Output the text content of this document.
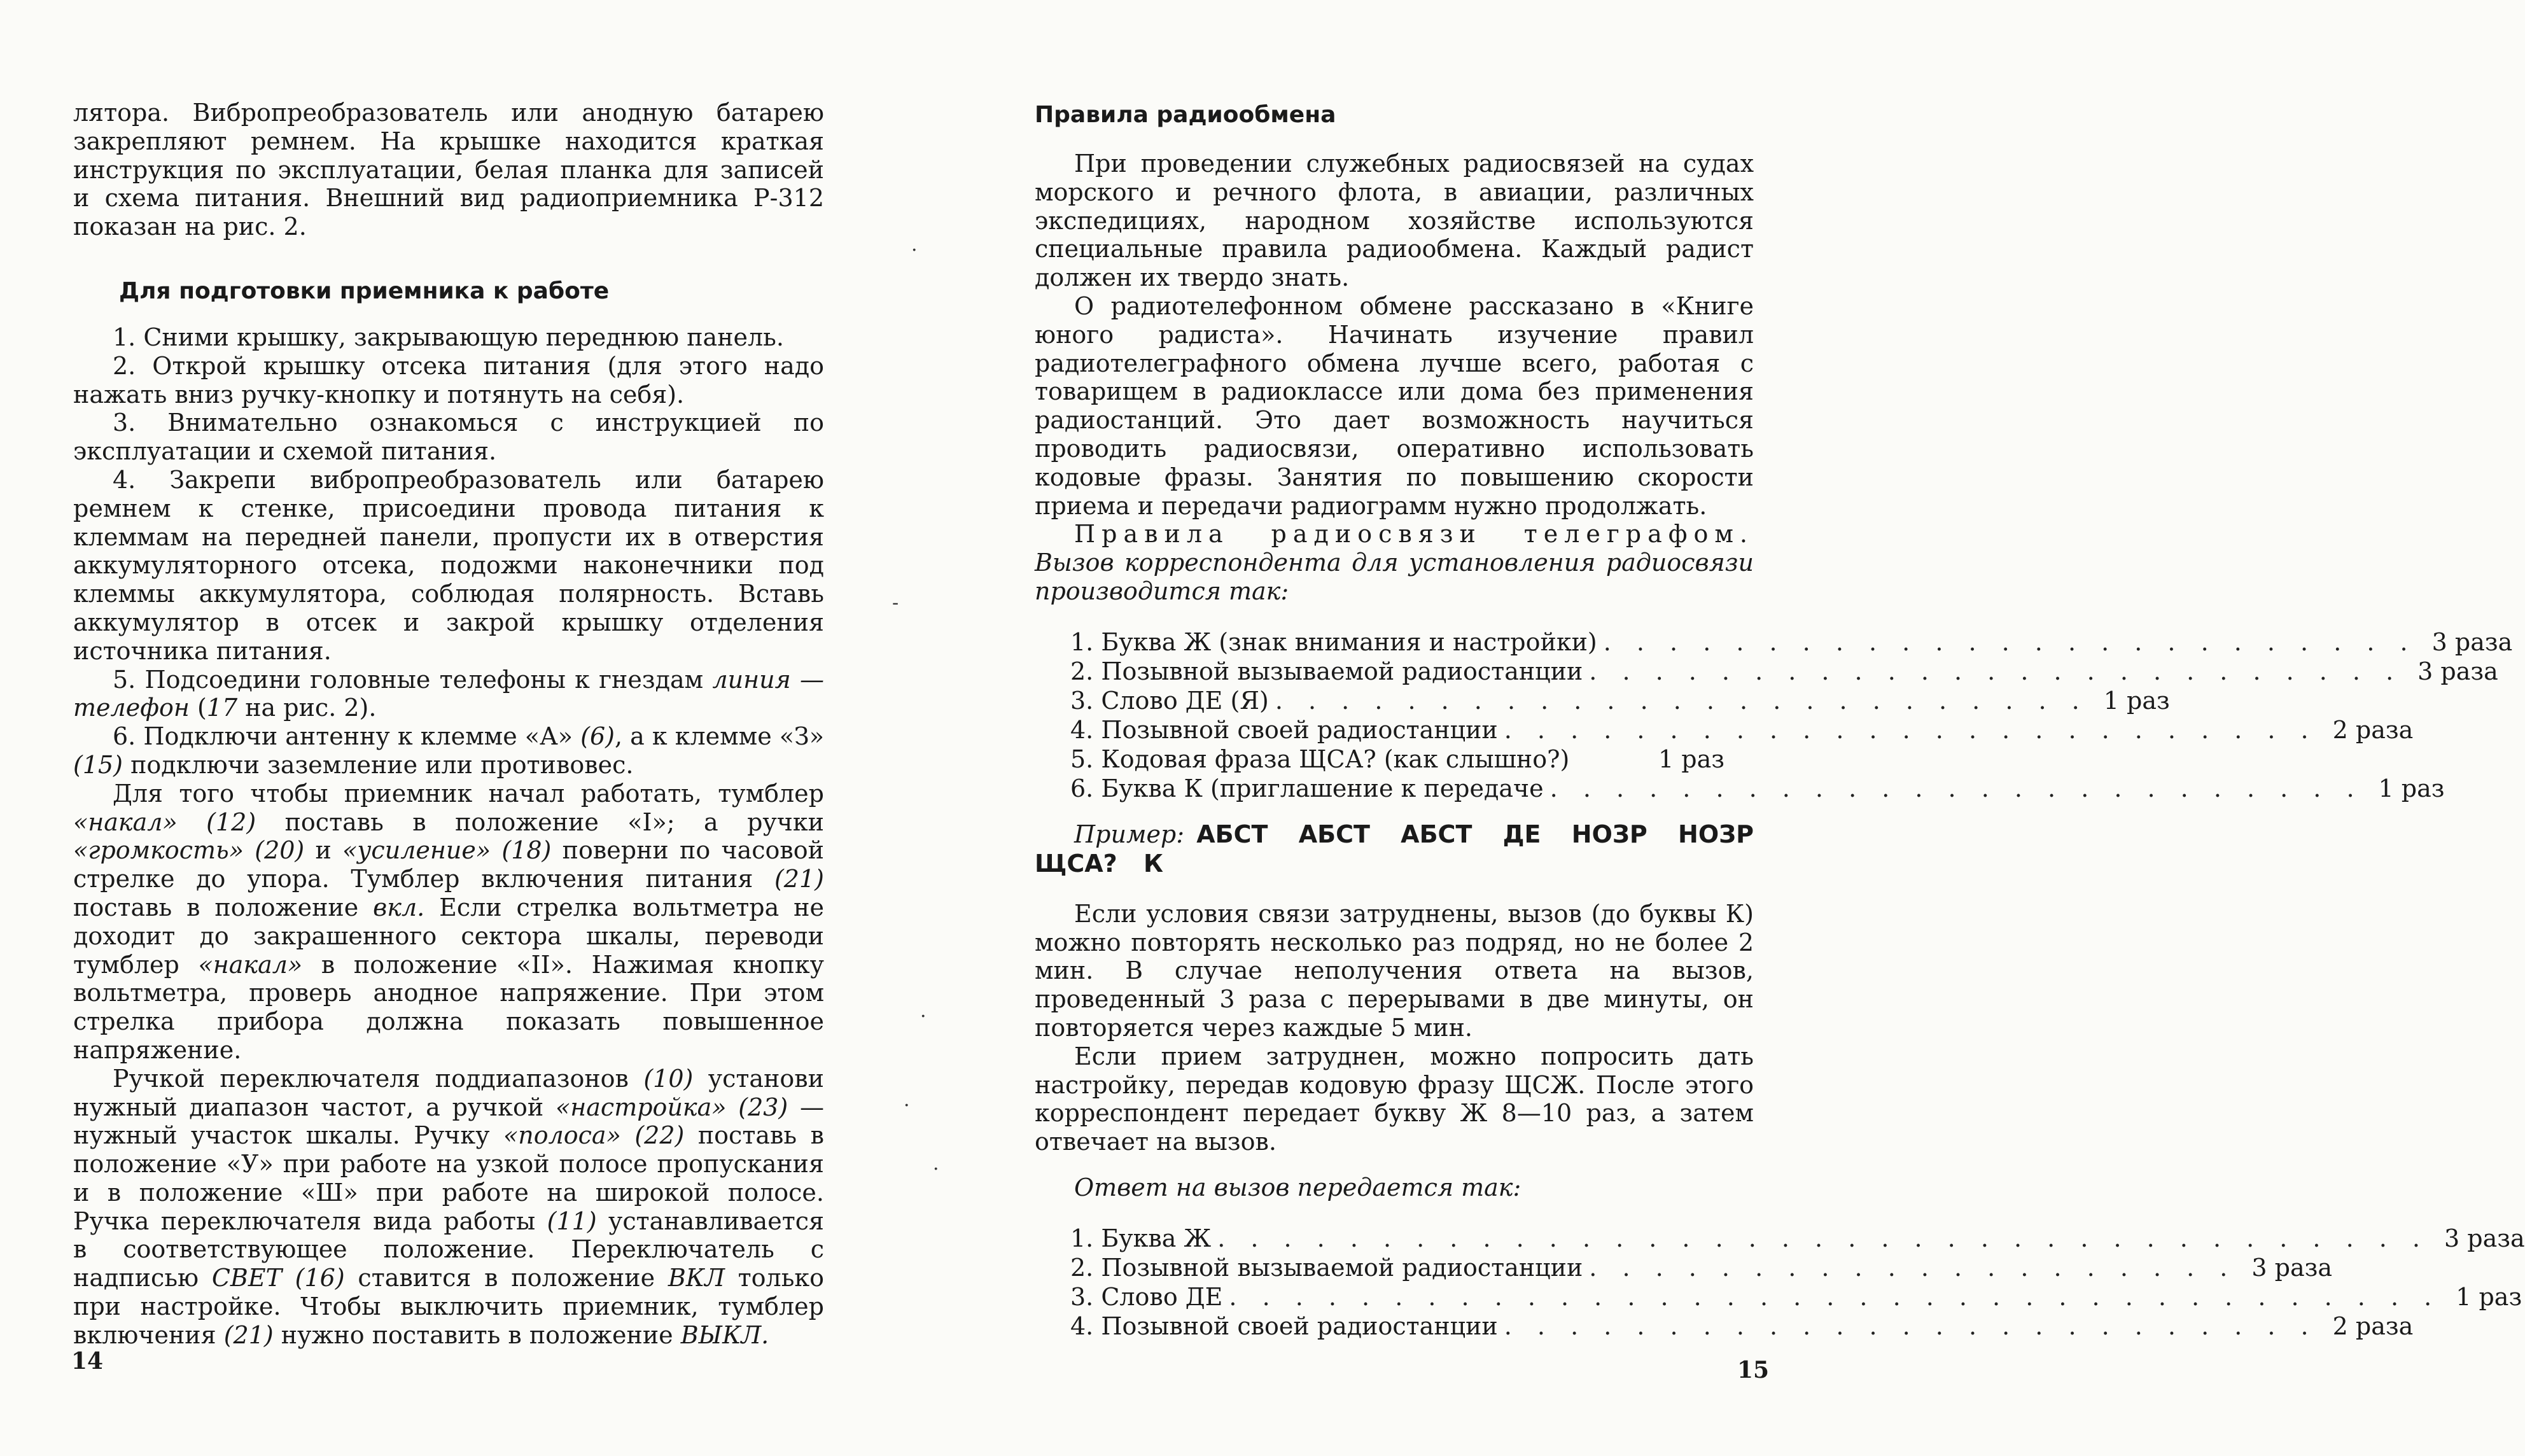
лятора. Вибропреобразователь или анодную батарею закрепляют ремнем. На крышке находится краткая инструкция по эксплуатации, белая планка для записей и схема питания. Внешний вид радиоприемника Р-312 показан на рис. 2.

Для подготовки приемника к работе

1. Сними крышку, закрывающую переднюю панель.

2. Открой крышку отсека питания (для этого надо нажать вниз ручку-кнопку и потянуть на себя).

3. Внимательно ознакомься с инструкцией по эксплуатации и схемой питания.

4. Закрепи вибропреобразователь или батарею ремнем к стенке, присоедини провода питания к клеммам на передней панели, пропусти их в отверстия аккумуляторного отсека, подожми наконечники под клеммы аккумулятора, соблюдая полярность. Вставь аккумулятор в отсек и закрой крышку отделения источника питания.

5. Подсоедини головные телефоны к гнездам линия — телефон (17 на рис. 2).

6. Подключи антенну к клемме «А» (6), а к клемме «З» (15) подключи заземление или противовес.

Для того чтобы приемник начал работать, тумблер «накал» (12) поставь в положение «I»; а ручки «громкость» (20) и «усиление» (18) поверни по часовой стрелке до упора. Тумблер включения питания (21) поставь в положение вкл. Если стрелка вольтметра не доходит до закрашенного сектора шкалы, переводи тумблер «накал» в положение «II». Нажимая кнопку вольтметра, проверь анодное напряжение. При этом стрелка прибора должна показать повышенное напряжение.

Ручкой переключателя поддиапазонов (10) установи нужный диапазон частот, а ручкой «настройка» (23) — нужный участок шкалы. Ручку «полоса» (22) поставь в положение «У» при работе на узкой полосе пропускания и в положение «Ш» при работе на широкой полосе. Ручка переключателя вида работы (11) устанавливается в соответствующее положение. Переключатель с надписью СВЕТ (16) ставится в положение ВКЛ только при настройке. Чтобы выключить приемник, тумблер включения (21) нужно поставить в положение ВЫКЛ.

14
·
-
·
Правила радиообмена

При проведении служебных радиосвязей на судах морского и речного флота, в авиации, различных экспедициях, народном хозяйстве используются специальные правила радиообмена. Каждый радист должен их твердо знать.

О радиотелефонном обмене рассказано в «Книге юного радиста». Начинать изучение правил радиотелеграфного обмена лучше всего, работая с товарищем в радиоклассе или дома без применения радиостанций. Это дает возможность научиться проводить радиосвязи, оперативно использовать кодовые фразы. Занятия по повышению скорости приема и передачи радиограмм нужно продолжать.

Правила радиосвязи телеграфом. Вызов корреспондента для установления радиосвязи производится так:

1. Буква Ж (знак внимания и настройки) . . . . . . . . . . . . . . . . . . . . . . . . . 3 раза
2. Позывной вызываемой радиостанции . . . . . . . . . . . . . . . . . . . . . . . . . 3 раза
3. Слово ДЕ (Я) . . . . . . . . . . . . . . . . . . . . . . . . . 1 раз
4. Позывной своей радиостанции . . . . . . . . . . . . . . . . . . . . . . . . . 2 раза
5. Кодовая фраза ЩСА? (как слышно?)	1 раз
6. Буква К (приглашение к передаче . . . . . . . . . . . . . . . . . . . . . . . . . 1 раз

Пример: АБСТ АБСТ АБСТ ДЕ НОЗР НОЗР ЩСА? К

Если условия связи затруднены, вызов (до буквы К) можно повторять несколько раз подряд, но не более 2 мин. В случае неполучения ответа на вызов, проведенный 3 раза с перерывами в две минуты, он повторяется через каждые 5 мин.

Если прием затруднен, можно попросить дать настройку, передав кодовую фразу ЩСЖ. После этого корреспондент передает букву Ж 8—10 раз, а затем отвечает на вызов.

Ответ на вызов передается так:

1. Буква Ж . . . . . . . . . . . . . . . . . . . . . . . . . . . . . . . . . . . . . 3 раза
2. Позывной вызываемой радиостанции . . . . . . . . . . . . . . . . . . . . 3 раза
3. Слово ДЕ . . . . . . . . . . . . . . . . . . . . . . . . . . . . . . . . . . . . . 1 раз
4. Позывной своей радиостанции . . . . . . . . . . . . . . . . . . . . . . . . . 2 раза
15
·
·
